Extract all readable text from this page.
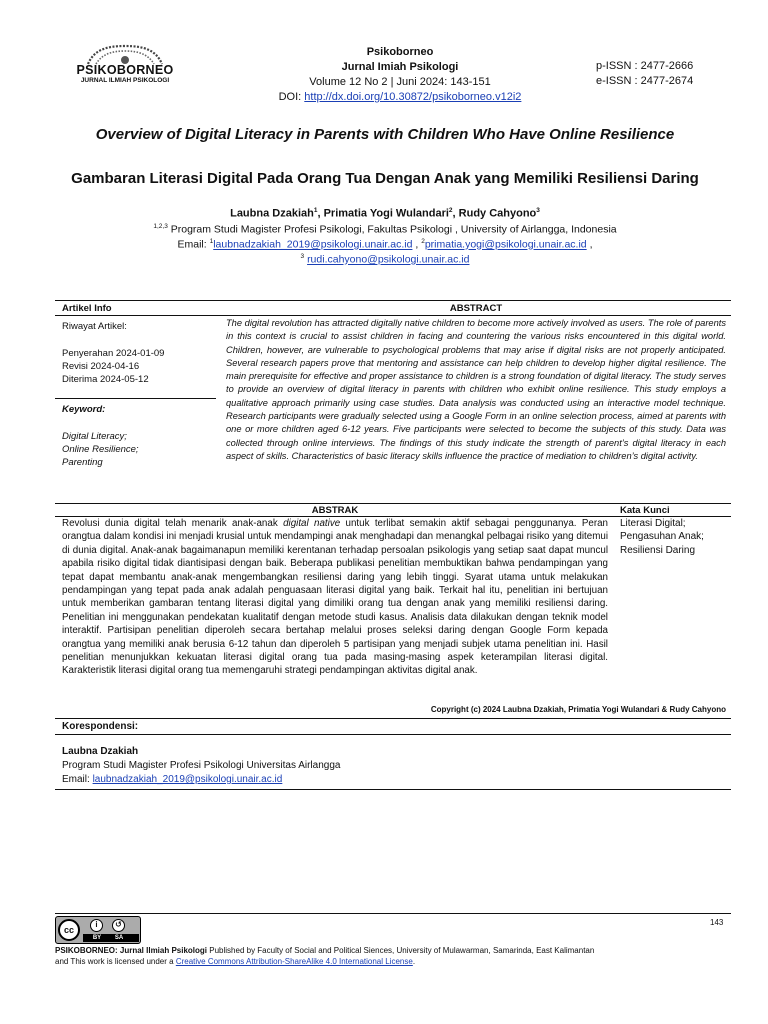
PSIKOBORNEO
JURNAL ILMIAH PSIKOLOGI
Psikoborneo
Jurnal Imiah Psikologi
Volume 12 No 2 | Juni 2024: 143-151
DOI: http://dx.doi.org/10.30872/psikoborneo.v12i2
p-ISSN : 2477-2666
e-ISSN : 2477-2674
Overview of Digital Literacy in Parents with Children Who Have Online Resilience
Gambaran Literasi Digital Pada Orang Tua Dengan Anak yang Memiliki Resiliensi Daring
Laubna Dzakiah$^1$, Primatia Yogi Wulandari$^2$, Rudy Cahyono$^3$
$^{1,2,3}$ Program Studi Magister Profesi Psikologi, Fakultas Psikologi , University of Airlangga, Indonesia
Email: $^1$laubnadzakiah_2019@psikologi.unair.ac.id , $^2$primatia.yogi@psikologi.unair.ac.id ,
$^3$ rudi.cahyono@psikologi.unair.ac.id
Artikel Info	ABSTRACT
Riwayat Artikel:
Penyerahan 2024-01-09
Revisi 2024-04-16
Diterima 2024-05-12
Keyword:
Digital Literacy;
Online Resilience;
Parenting
The digital revolution has attracted digitally native children to become more actively involved as users. The role of parents in this context is crucial to assist children in facing and countering the various risks encountered in this digital world. Children, however, are vulnerable to psychological problems that may arise if digital risks are not properly anticipated. Several research papers prove that mentoring and assistance can help children to develop higher digital resilience. The main prerequisite for effective and proper assistance to children is a strong foundation of digital literacy. The study serves to provide an overview of digital literacy in parents with children who exhibit online resilience. This study employs a qualitative approach primarily using case studies. Data analysis was conducted using an interactive model technique. Research participants were gradually selected using a Google Form in an online selection process, aimed at parents with one or more children aged 6-12 years. Five participants were selected to become the subjects of this study. Data was collected through online interviews. The findings of this study indicate the strength of parent’s digital literacy in each aspect of skills. Characteristics of basic literacy skills influence the practice of mediation to children’s digital activity.
ABSTRAK	Kata Kunci
Revolusi dunia digital telah menarik anak-anak digital native untuk terlibat semakin aktif sebagai penggunanya. Peran orangtua dalam kondisi ini menjadi krusial untuk mendampingi anak menghadapi dan menangkal pelbagai risiko yang ditemui di dunia digital. Anak-anak bagaimanapun memiliki kerentanan terhadap persoalan psikologis yang setiap saat dapat muncul apabila risiko digital tidak diantisipasi dengan baik. Beberapa publikasi penelitian membuktikan bahwa pendampingan yang tepat dapat membantu anak-anak mengembangkan resiliensi daring yang lebih tinggi. Syarat utama untuk melakukan pendampingan yang tepat pada anak adalah penguasaan literasi digital yang baik. Terkait hal itu, penelitian ini bertujuan untuk memberikan gambaran tentang literasi digital yang dimiliki orang tua dengan anak yang memiliki resiliensi daring. Penelitian ini menggunakan pendekatan kualitatif dengan metode studi kasus. Analisis data dilakukan dengan teknik model interaktif. Partisipan penelitian diperoleh secara bertahap melalui proses seleksi daring dengan Google Form kepada orangtua yang memiliki anak berusia 6-12 tahun dan diperoleh 5 partisipan yang menjadi subjek utama penelitian ini. Hasil penelitian menunjukkan kekuatan literasi digital orang tua pada masing-masing aspek keterampilan literasi digital. Karakteristik literasi digital orang tua memengaruhi strategi pendampingan aktivitas digital anak.
Literasi Digital;
Pengasuhan Anak;
Resiliensi Daring
Copyright (c) 2024 Laubna Dzakiah, Primatia Yogi Wulandari & Rudy Cahyono
Korespondensi:
Laubna Dzakiah
Program Studi Magister Profesi Psikologi Universitas Airlangga
Email: laubnadzakiah_2019@psikologi.unair.ac.id
143
cc
i	↺
BY	SA
PSIKOBORNEO: Jurnal Ilmiah Psikologi Published by Faculty of Social and Political Siences, University of Mulawarman, Samarinda, East Kalimantan
and This work is licensed under a Creative Commons Attribution-ShareAlike 4.0 International License.
